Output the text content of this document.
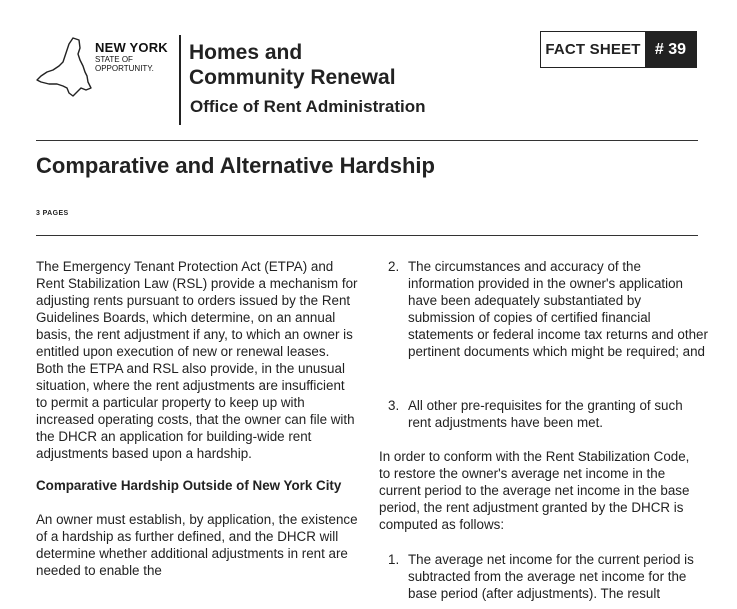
NEW YORK
STATE OF
OPPORTUNITY.
Homes and
Community Renewal
Office of Rent Administration
FACT SHEET # 39
Comparative and Alternative Hardship
3 PAGES

The Emergency Tenant Protection Act (ETPA) and Rent Stabilization Law (RSL) provide a mechanism for adjusting rents pursuant to orders issued by the Rent Guidelines Boards, which determine, on an annual basis, the rent adjustment if any, to which an owner is entitled upon execution of new or renewal leases. Both the ETPA and RSL also provide, in the unusual situation, where the rent adjustments are insufficient to permit a particular property to keep up with increased operating costs, that the owner can file with the DHCR an application for building-wide rent adjustments based upon a hardship.

Comparative Hardship Outside of New York City

An owner must establish, by application, the existence of a hardship as further defined, and the DHCR will determine whether additional adjustments in rent are needed to enable the

2. The circumstances and accuracy of the information provided in the owner's application have been adequately substantiated by submission of copies of certified financial statements or federal income tax returns and other pertinent documents which might be required; and
3. All other pre-requisites for the granting of such rent adjustments have been met.

In order to conform with the Rent Stabilization Code, to restore the owner's average net income in the current period to the average net income in the base period, the rent adjustment granted by the DHCR is computed as follows:

1. The average net income for the current period is subtracted from the average net income for the base period (after adjustments). The result
